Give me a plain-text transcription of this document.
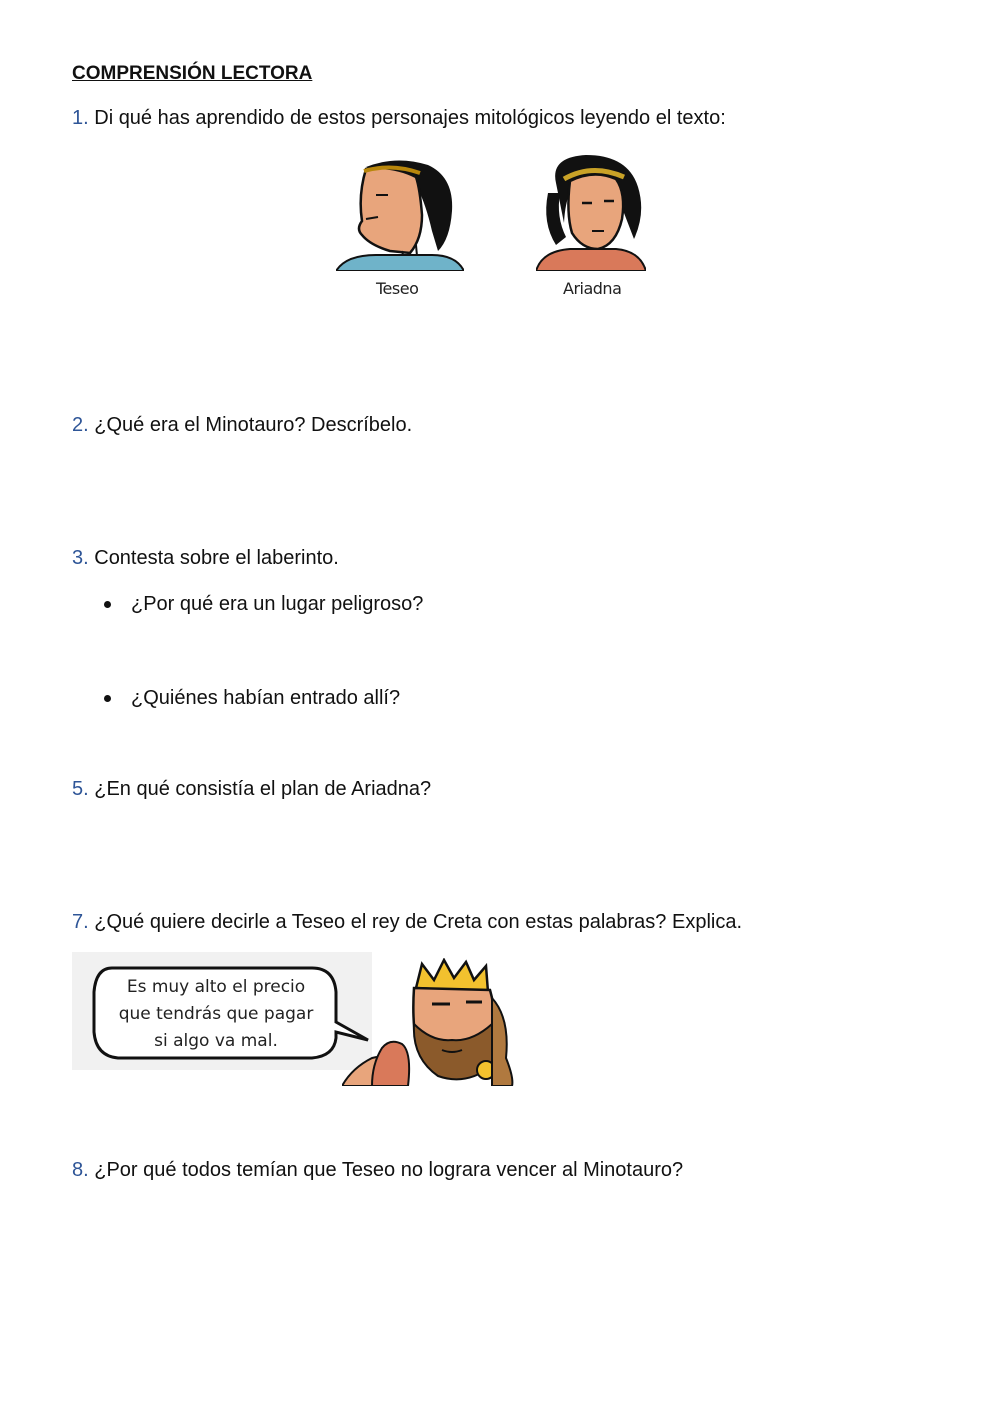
COMPRENSIÓN LECTORA
1. Di qué has aprendido de estos personajes mitológicos leyendo el texto:
Teseo	Ariadna
2. ¿Qué era el Minotauro? Descríbelo.
3. Contesta sobre el laberinto.
¿Por qué era un lugar peligroso?
¿Quiénes habían entrado allí?
5. ¿En qué consistía el plan de Ariadna?
7. ¿Qué quiere decirle a Teseo el rey de Creta con estas palabras? Explica.
Es muy alto el precio
que tendrás que pagar
si algo va mal.
8. ¿Por qué todos temían que Teseo no lograra vencer al Minotauro?
